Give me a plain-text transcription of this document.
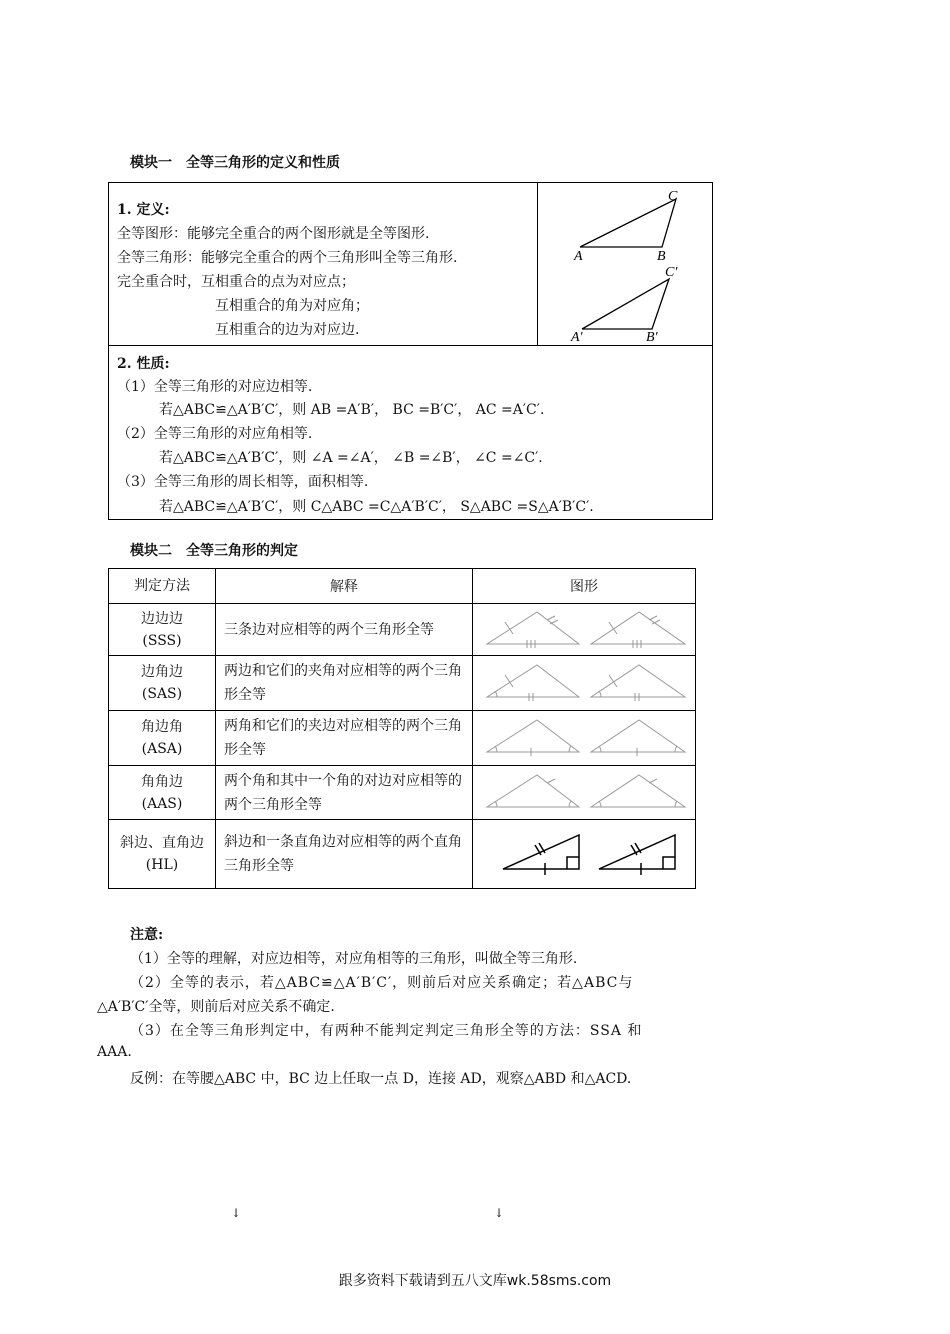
模块一　全等三角形的定义和性质
1. 定义:
全等图形：能够完全重合的两个图形就是全等图形.
全等三角形：能够完全重合的两个三角形叫全等三角形.
完全重合时，互相重合的点为对应点；
互相重合的角为对应角；
互相重合的边为对应边.
C
A	B
C'
A'	B'
2. 性质:
（1）全等三角形的对应边相等.
若△ABC≌△A′B′C′，则 AB =A′B′， BC =B′C′， AC =A′C′.
（2）全等三角形的对应角相等.
若△ABC≌△A′B′C′，则 ∠A =∠A′， ∠B =∠B′， ∠C =∠C′.
（3）全等三角形的周长相等，面积相等.
若△ABC≌△A′B′C′，则 C△ABC =C△A′B′C′， S△ABC =S△A′B′C′.
模块二　全等三角形的判定
判定方法	解释	图形

边边边
(SSS)	三条边对应相等的两个三角形全等	

边角边
(SAS)	两边和它们的夹角对应相等的两个三角形全等	

角边角
(ASA)	两角和它们的夹边对应相等的两个三角形全等	

角角边
(AAS)	两个角和其中一个角的对边对应相等的两个三角形全等	

斜边、直角边
(HL)	斜边和一条直角边对应相等的两个直角三角形全等	
注意:
（1）全等的理解，对应边相等，对应角相等的三角形，叫做全等三角形.
（2）全等的表示，若△ABC≌△A′B′C′，则前后对应关系确定；若△ABC与
△A′B′C′全等，则前后对应关系不确定.
（3）在全等三角形判定中，有两种不能判定判定三角形全等的方法：SSA 和
AAA.
反例：在等腰△ABC 中，BC 边上任取一点 D，连接 AD，观察△ABD 和△ACD.
↓	↓
跟多资料下载请到五八文库wk.58sms.com
